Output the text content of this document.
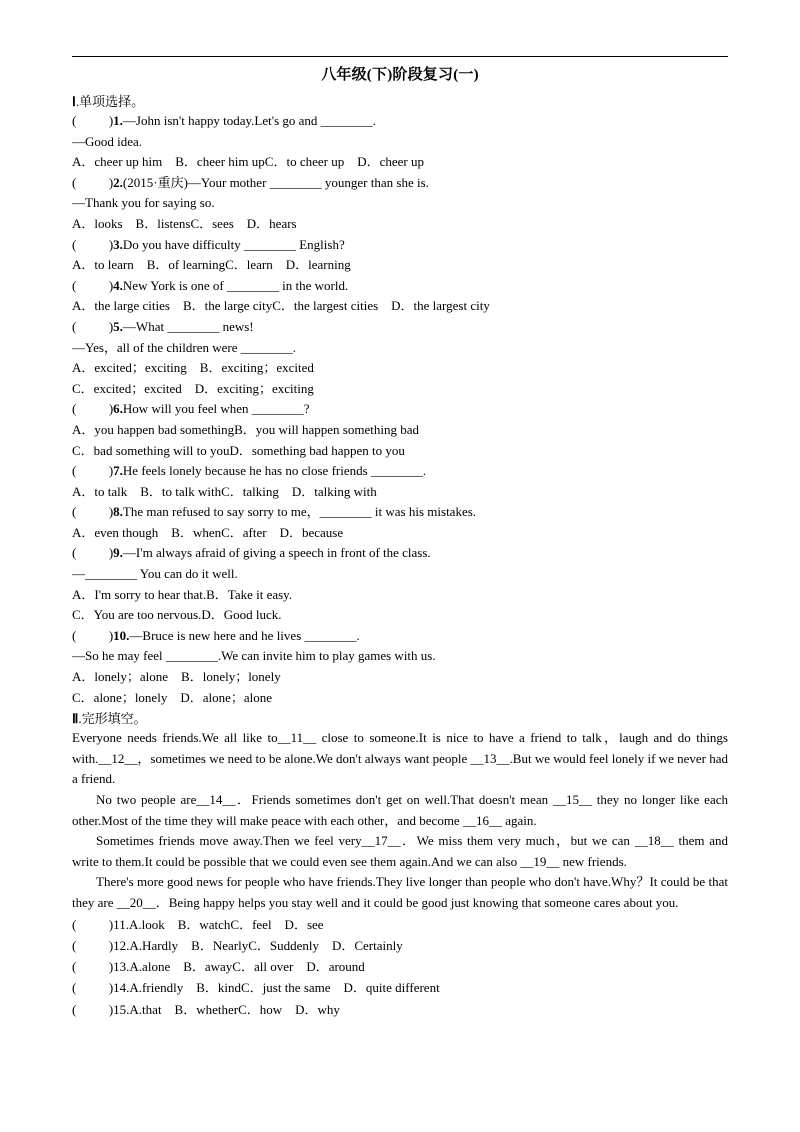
八年级(下)阶段复习(一)
Ⅰ.单项选择。
(          )1.—John isn't happy today.Let's go and ________.
—Good idea.
A．cheer up him　B．cheer him upC．to cheer up　D．cheer up
(          )2.(2015·重庆)—Your mother ________ younger than she is.
—Thank you for saying so.
A．looks　B．listensC．sees　D．hears
(          )3.Do you have difficulty ________ English?
A．to learn　B．of learningC．learn　D．learning
(          )4.New York is one of ________ in the world.
A．the large cities　B．the large cityC．the largest cities　D．the largest city
(          )5.—What ________ news!
—Yes，all of the children were ________.
A．excited；exciting　B．exciting；excited
C．excited；excited　D．exciting；exciting
(          )6.How will you feel when ________?
A．you happen bad somethingB．you will happen something bad
C．bad something will to youD．something bad happen to you
(          )7.He feels lonely because he has no close friends ________.
A．to talk　B．to talk withC．talking　D．talking with
(          )8.The man refused to say sorry to me，________ it was his mistakes.
A．even though　B．whenC．after　D．because
(          )9.—I'm always afraid of giving a speech in front of the class.
—________ You can do it well.
A．I'm sorry to hear that.B．Take it easy.
C．You are too nervous.D．Good luck.
(          )10.—Bruce is new here and he lives ________.
—So he may feel ________.We can invite him to play games with us.
A．lonely；alone　B．lonely；lonely
C．alone；lonely　D．alone；alone
Ⅱ.完形填空。

Everyone needs friends.We all like to__11__ close to someone.It is nice to have a friend to talk，laugh and do things with.__12__，sometimes we need to be alone.We don't always want people __13__.But we would feel lonely if we never had a friend.

No two people are__14__．Friends sometimes don't get on well.That doesn't mean __15__ they no longer like each other.Most of the time they will make peace with each other，and become __16__ again.

Sometimes friends move away.Then we feel very__17__．We miss them very much，but we can __18__ them and write to them.It could be possible that we could even see them again.And we can also __19__ new friends.

There's more good news for people who have friends.They live longer than people who don't have.Why？It could be that they are __20__．Being happy helps you stay well and it could be good just knowing that someone cares about you.

(          )11.A.look　B．watchC．feel　D．see
(          )12.A.Hardly　B．NearlyC．Suddenly　D．Certainly
(          )13.A.alone　B．awayC．all over　D．around
(          )14.A.friendly　B．kindC．just the same　D．quite different
(          )15.A.that　B．whetherC．how　D．why
